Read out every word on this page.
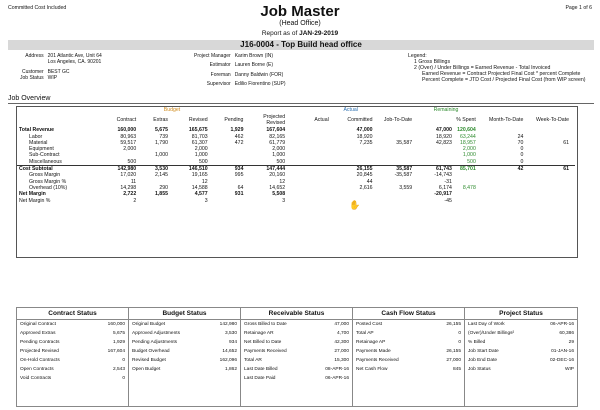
Committed Cost Included	Page 1 of 6
Job Master
(Head Office)
Report as of JAN-29-2019
J16-0004 - Top Build head office
Address	201 Atlantic Ave, Unit 64
	Los Angeles, CA. 90201

Customer	BEST GC
Job Status	WIP
Project Manager	Karim Brown (IN)

Estimator	Lauren Borne (E)

Foreman	Danny Baldwin (FOR)

Supervisor	Edilio Fiorentino (SUP)
Legend:
1 Gross Billings
2 (Over) / Under Billings = Earned Revenue - Total Invoiced
Earned Revenue = Contract Projected Final Cost * percent Complete
Percent Complete = JTD Cost / Projected Final Cost (from WIP screen)
Job Overview
	Budget					Actual			Remaining				
	Contract	Extras	Revised	Pending	Projected Revised	Actual	Committed	Job-To-Date		% Spent	Month-To-Date	Week-To-Date	
Total Revenue	160,000	5,675	165,675	1,929	167,604		47,000		47,000	120,604			
Labor	80,963	739	81,703	462	82,165		18,920		18,920	63,244	24		
Material	59,517	1,790	61,307	472	61,779		7,235	35,587	42,823	18,957	70	61	
Equipment	2,000		2,000		2,000					2,000	0		
Sub-Contract		1,000	1,000		1,000					1,000	0		
Miscellaneous	500		500		500					500	0		
Cost Subtotal	142,980	3,530	146,510	934	147,444		26,155	35,587	61,743	85,701	42	61	
Gross Margin	17,020	2,145	19,165	995	20,160		20,845	-35,587	-14,743				
Gross Margin %	11		12		12		44		-31				
Overhead (10%)	14,298	290	14,588	64	14,652		2,616	3,559	6,174	8,478			
Net Margin	2,722	1,855	4,577	931	5,508				-20,917				
Net Margin %	2		3		3				-45				
✋
Contract Status
Original Contract	160,000
Approved Extras	5,675
Pending Contracts	1,929
Projected Revised	167,604
On-Hold Contracts	0
Open Contracts	2,543
Void Contracts	0
Budget Status
Original Budget	142,980
Approved Adjustments	3,530
Pending Adjustments	934
Budget Overhead	14,652
Revised Budget	162,096
Open Budget	1,862
Receivable Status
Gross Billed to Date	47,000
Retainage AR	4,700
Net Billed to Date	42,300
Payments Received	27,000
Total AR	15,300
Last Date Billed	08-APR-16
Last Date Paid	06-APR-16
Cash Flow Status
Posted Cost	26,155
Total AP	0
Retainage AP	0
Payments Made	26,155
Payments Received	27,000
Net Cash Flow	845
Project Status
Last Day of Work	06-APR-16
(Over)/Under Billings²	60,386
% Billed	29
Job Start Date	01-JAN-16
Job End Date	02-DEC-16
Job Status	WIP
